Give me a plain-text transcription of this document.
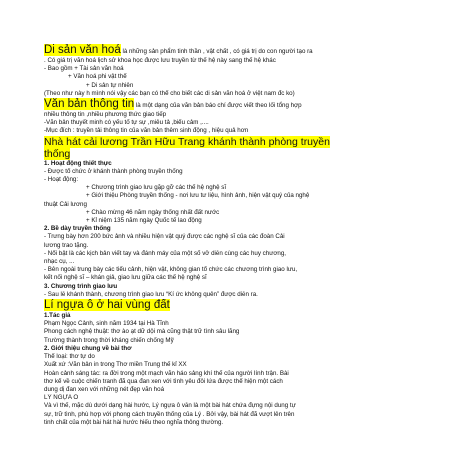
Di sản văn hoá là những sản phẩm tinh thần , vật chất , có giá trị do con người tạo ra
. Có giá trị văn hoá lịch sử khoa học được lưu truyền từ thế hệ này sang thế hệ khác
- Bao gồm + Tài sản văn hoá
+ Văn hoá phi vật thể
+ Di sản tự nhiên
(Theo như này h mình nói vậy các bạn có thể cho biết các di sản văn hoá ở việt nam đc ko)
Văn bản thông tin là một dạng của văn bản báo chí được viết theo lối tổng hợp
nhiều thông tin ,nhiều phương thức giao tiếp
-Văn bản thuyết minh có yếu tố tự sự ,miêu tả ,biểu cảm ,....
-Mục đích : truyền tải thông tin của văn bản thêm sinh động , hiệu quả hơn
Nhà hát cải lương Trần Hữu Trang khánh thành phòng truyền
thống
1. Hoạt động thiết thực
- Được tổ chức ở khánh thành phòng truyền thống
- Hoạt động:
+ Chương trình giao lưu gặp gỡ các thế hệ nghệ sĩ
+ Giới thiệu Phòng truyền thống - nơi lưu tư liệu, hình ảnh, hiện vật quý của nghệ
thuật Cải lương
+ Chào mừng 46 năm ngày thống nhất đất nước
+ Kỉ niệm 135 năm ngày Quốc tế lao động
2. Bề dày truyền thống
- Trưng bày hơn 200 bức ảnh và nhiều hiện vật quý được các nghệ sĩ của các đoàn Cải
lương trao tặng.
- Nổi bật là các kịch bản viết tay và đánh máy của một số vở diễn cùng các huy chương,
nhạc cụ, ...
- Bên ngoài trung bày các tiểu cảnh, hiện vật, không gian tổ chức các chương trình giao lưu,
kết nối nghệ sĩ – khán giả, giao lưu giữa các thế hệ nghệ sĩ
3. Chương trình giao lưu
- Sau lễ khánh thành, chương trình giao lưu “Kí ức không quên” được diễn ra.
Lí ngựa ô ở hai vùng đất
1.Tác giả
Phạm Ngọc Cảnh, sinh năm 1934 tại Hà Tĩnh
Phong cách nghệ thuật: thơ ào ạt dữ dội mà cũng thật trữ tình sâu lắng
Trường thành trong thời kháng chiến chống Mỹ
2. Giới thiệu chung về bài thơ
Thể loại: thơ tự do
Xuất xứ :Văn bản in trong Thơ miền Trung thế kỉ XX
Hoàn cảnh sáng tác: ra đời trong một mạch văn háo sảng khí thế của người lính trận. Bài
thơ kể về cuộc chiến tranh đã qua đan xen với tình yêu đôi lứa được thể hiện một cách
dung dị đan xen với những nét đẹp văn hoá
LÝ NGỰA Ô
Và vì thế, mặc dù dưới dạng hài hước, Lý ngựa ô vẫn là một bài hát chứa đựng nội dung tự
sự, trữ tình, phù hợp với phong cách truyền thống của Lý . Bởi vậy, bài hát đã vượt lên trên
tinh chất của một bài hát hài hước hiếu theo nghĩa thông thường.
